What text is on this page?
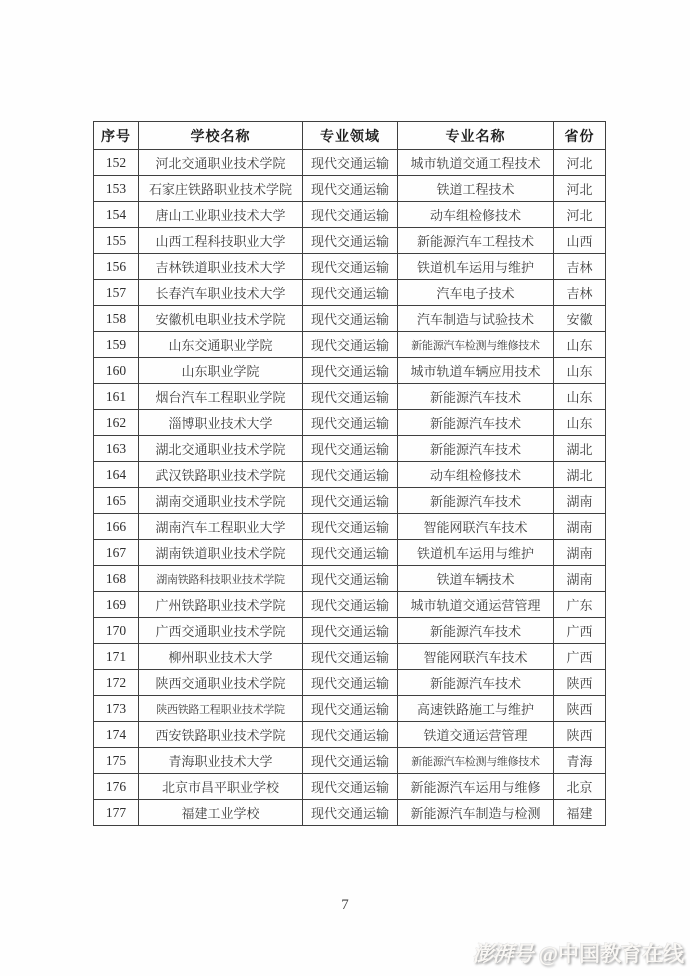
序号	学校名称	专业领域	专业名称	省份
152	河北交通职业技术学院	现代交通运输	城市轨道交通工程技术	河北
153	石家庄铁路职业技术学院	现代交通运输	铁道工程技术	河北
154	唐山工业职业技术大学	现代交通运输	动车组检修技术	河北
155	山西工程科技职业大学	现代交通运输	新能源汽车工程技术	山西
156	吉林铁道职业技术大学	现代交通运输	铁道机车运用与维护	吉林
157	长春汽车职业技术大学	现代交通运输	汽车电子技术	吉林
158	安徽机电职业技术学院	现代交通运输	汽车制造与试验技术	安徽
159	山东交通职业学院	现代交通运输	新能源汽车检测与维修技术	山东
160	山东职业学院	现代交通运输	城市轨道车辆应用技术	山东
161	烟台汽车工程职业学院	现代交通运输	新能源汽车技术	山东
162	淄博职业技术大学	现代交通运输	新能源汽车技术	山东
163	湖北交通职业技术学院	现代交通运输	新能源汽车技术	湖北
164	武汉铁路职业技术学院	现代交通运输	动车组检修技术	湖北
165	湖南交通职业技术学院	现代交通运输	新能源汽车技术	湖南
166	湖南汽车工程职业大学	现代交通运输	智能网联汽车技术	湖南
167	湖南铁道职业技术学院	现代交通运输	铁道机车运用与维护	湖南
168	湖南铁路科技职业技术学院	现代交通运输	铁道车辆技术	湖南
169	广州铁路职业技术学院	现代交通运输	城市轨道交通运营管理	广东
170	广西交通职业技术学院	现代交通运输	新能源汽车技术	广西
171	柳州职业技术大学	现代交通运输	智能网联汽车技术	广西
172	陕西交通职业技术学院	现代交通运输	新能源汽车技术	陕西
173	陕西铁路工程职业技术学院	现代交通运输	高速铁路施工与维护	陕西
174	西安铁路职业技术学院	现代交通运输	铁道交通运营管理	陕西
175	青海职业技术大学	现代交通运输	新能源汽车检测与维修技术	青海
176	北京市昌平职业学校	现代交通运输	新能源汽车运用与维修	北京
177	福建工业学校	现代交通运输	新能源汽车制造与检测	福建
7
澎湃号 @中国教育在线
